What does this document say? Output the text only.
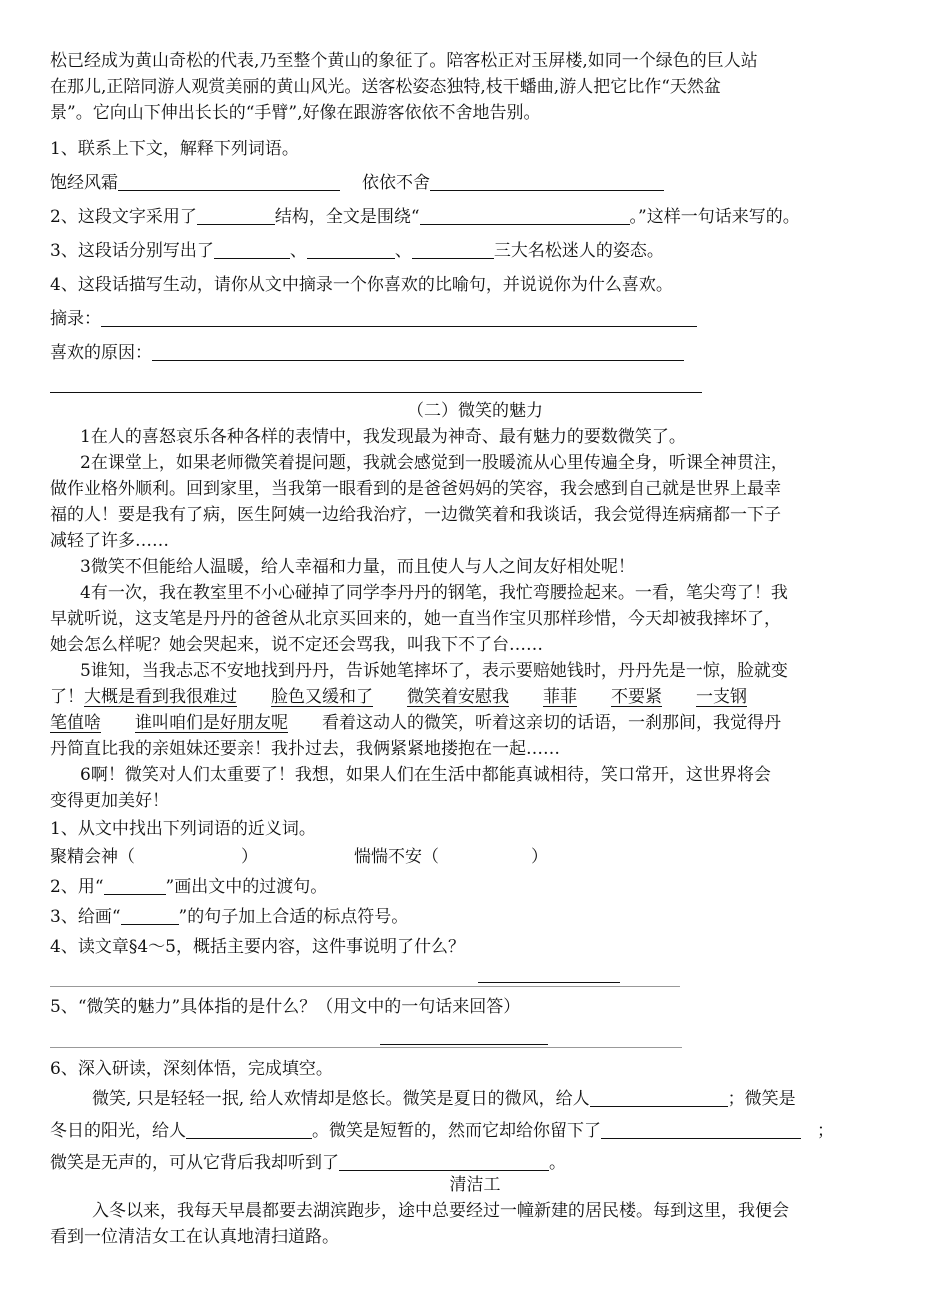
松已经成为黄山奇松的代表,乃至整个黄山的象征了。陪客松正对玉屏楼,如同一个绿色的巨人站
在那儿,正陪同游人观赏美丽的黄山风光。送客松姿态独特,枝干蟠曲,游人把它比作“天然盆
景”。它向山下伸出长长的“手臂”,好像在跟游客依依不舍地告别。
1、联系上下文，解释下列词语。
饱经风霜	依依不舍
2、这段文字采用了	结构，全文是围绕“	。”这样一句话来写的。
3、这段话分别写出了	、	、	三大名松迷人的姿态。
4、这段话描写生动，请你从文中摘录一个你喜欢的比喻句，并说说你为什么喜欢。
摘录：
喜欢的原因：
（二）微笑的魅力
1在人的喜怒哀乐各种各样的表情中，我发现最为神奇、最有魅力的要数微笑了。
2在课堂上，如果老师微笑着提问题，我就会感觉到一股暖流从心里传遍全身，听课全神贯注，
做作业格外顺利。回到家里，当我第一眼看到的是爸爸妈妈的笑容，我会感到自己就是世界上最幸
福的人！要是我有了病，医生阿姨一边给我治疗，一边微笑着和我谈话，我会觉得连病痛都一下子
减轻了许多……
3微笑不但能给人温暖，给人幸福和力量，而且使人与人之间友好相处呢！
4有一次，我在教室里不小心碰掉了同学李丹丹的钢笔，我忙弯腰捡起来。一看，笔尖弯了！我
早就听说，这支笔是丹丹的爸爸从北京买回来的，她一直当作宝贝那样珍惜，今天却被我摔坏了，
她会怎么样呢？她会哭起来，说不定还会骂我，叫我下不了台……
5谁知，当我忐忑不安地找到丹丹，告诉她笔摔坏了，表示要赔她钱时，丹丹先是一惊，脸就变
了！大概是看到我很难过 脸色又缓和了 微笑着安慰我 菲菲 不要紧 一支钢
笔值啥 谁叫咱们是好朋友呢 看着这动人的微笑，听着这亲切的话语，一刹那间，我觉得丹
丹简直比我的亲姐妹还要亲！我扑过去，我俩紧紧地搂抱在一起……
6啊！微笑对人们太重要了！我想，如果人们在生活中都能真诚相待，笑口常开，这世界将会
变得更加美好！
1、从文中找出下列词语的近义词。
聚精会神（	）	惴惴不安（	）
2、用“	”画出文中的过渡句。
3、给画“	”的句子加上合适的标点符号。
4、读文章§4～5，概括主要内容，这件事说明了什么？
5、“微笑的魅力”具体指的是什么？（用文中的一句话来回答）
6、深入研读，深刻体悟，完成填空。
微笑, 只是轻轻一抿, 给人欢情却是悠长。微笑是夏日的微风，给人	；微笑是
冬日的阳光，给人	。微笑是短暂的，然而它却给你留下了	；
微笑是无声的，可从它背后我却听到了	。
清洁工
入冬以来，我每天早晨都要去湖滨跑步，途中总要经过一幢新建的居民楼。每到这里，我便会
看到一位清洁女工在认真地清扫道路。
